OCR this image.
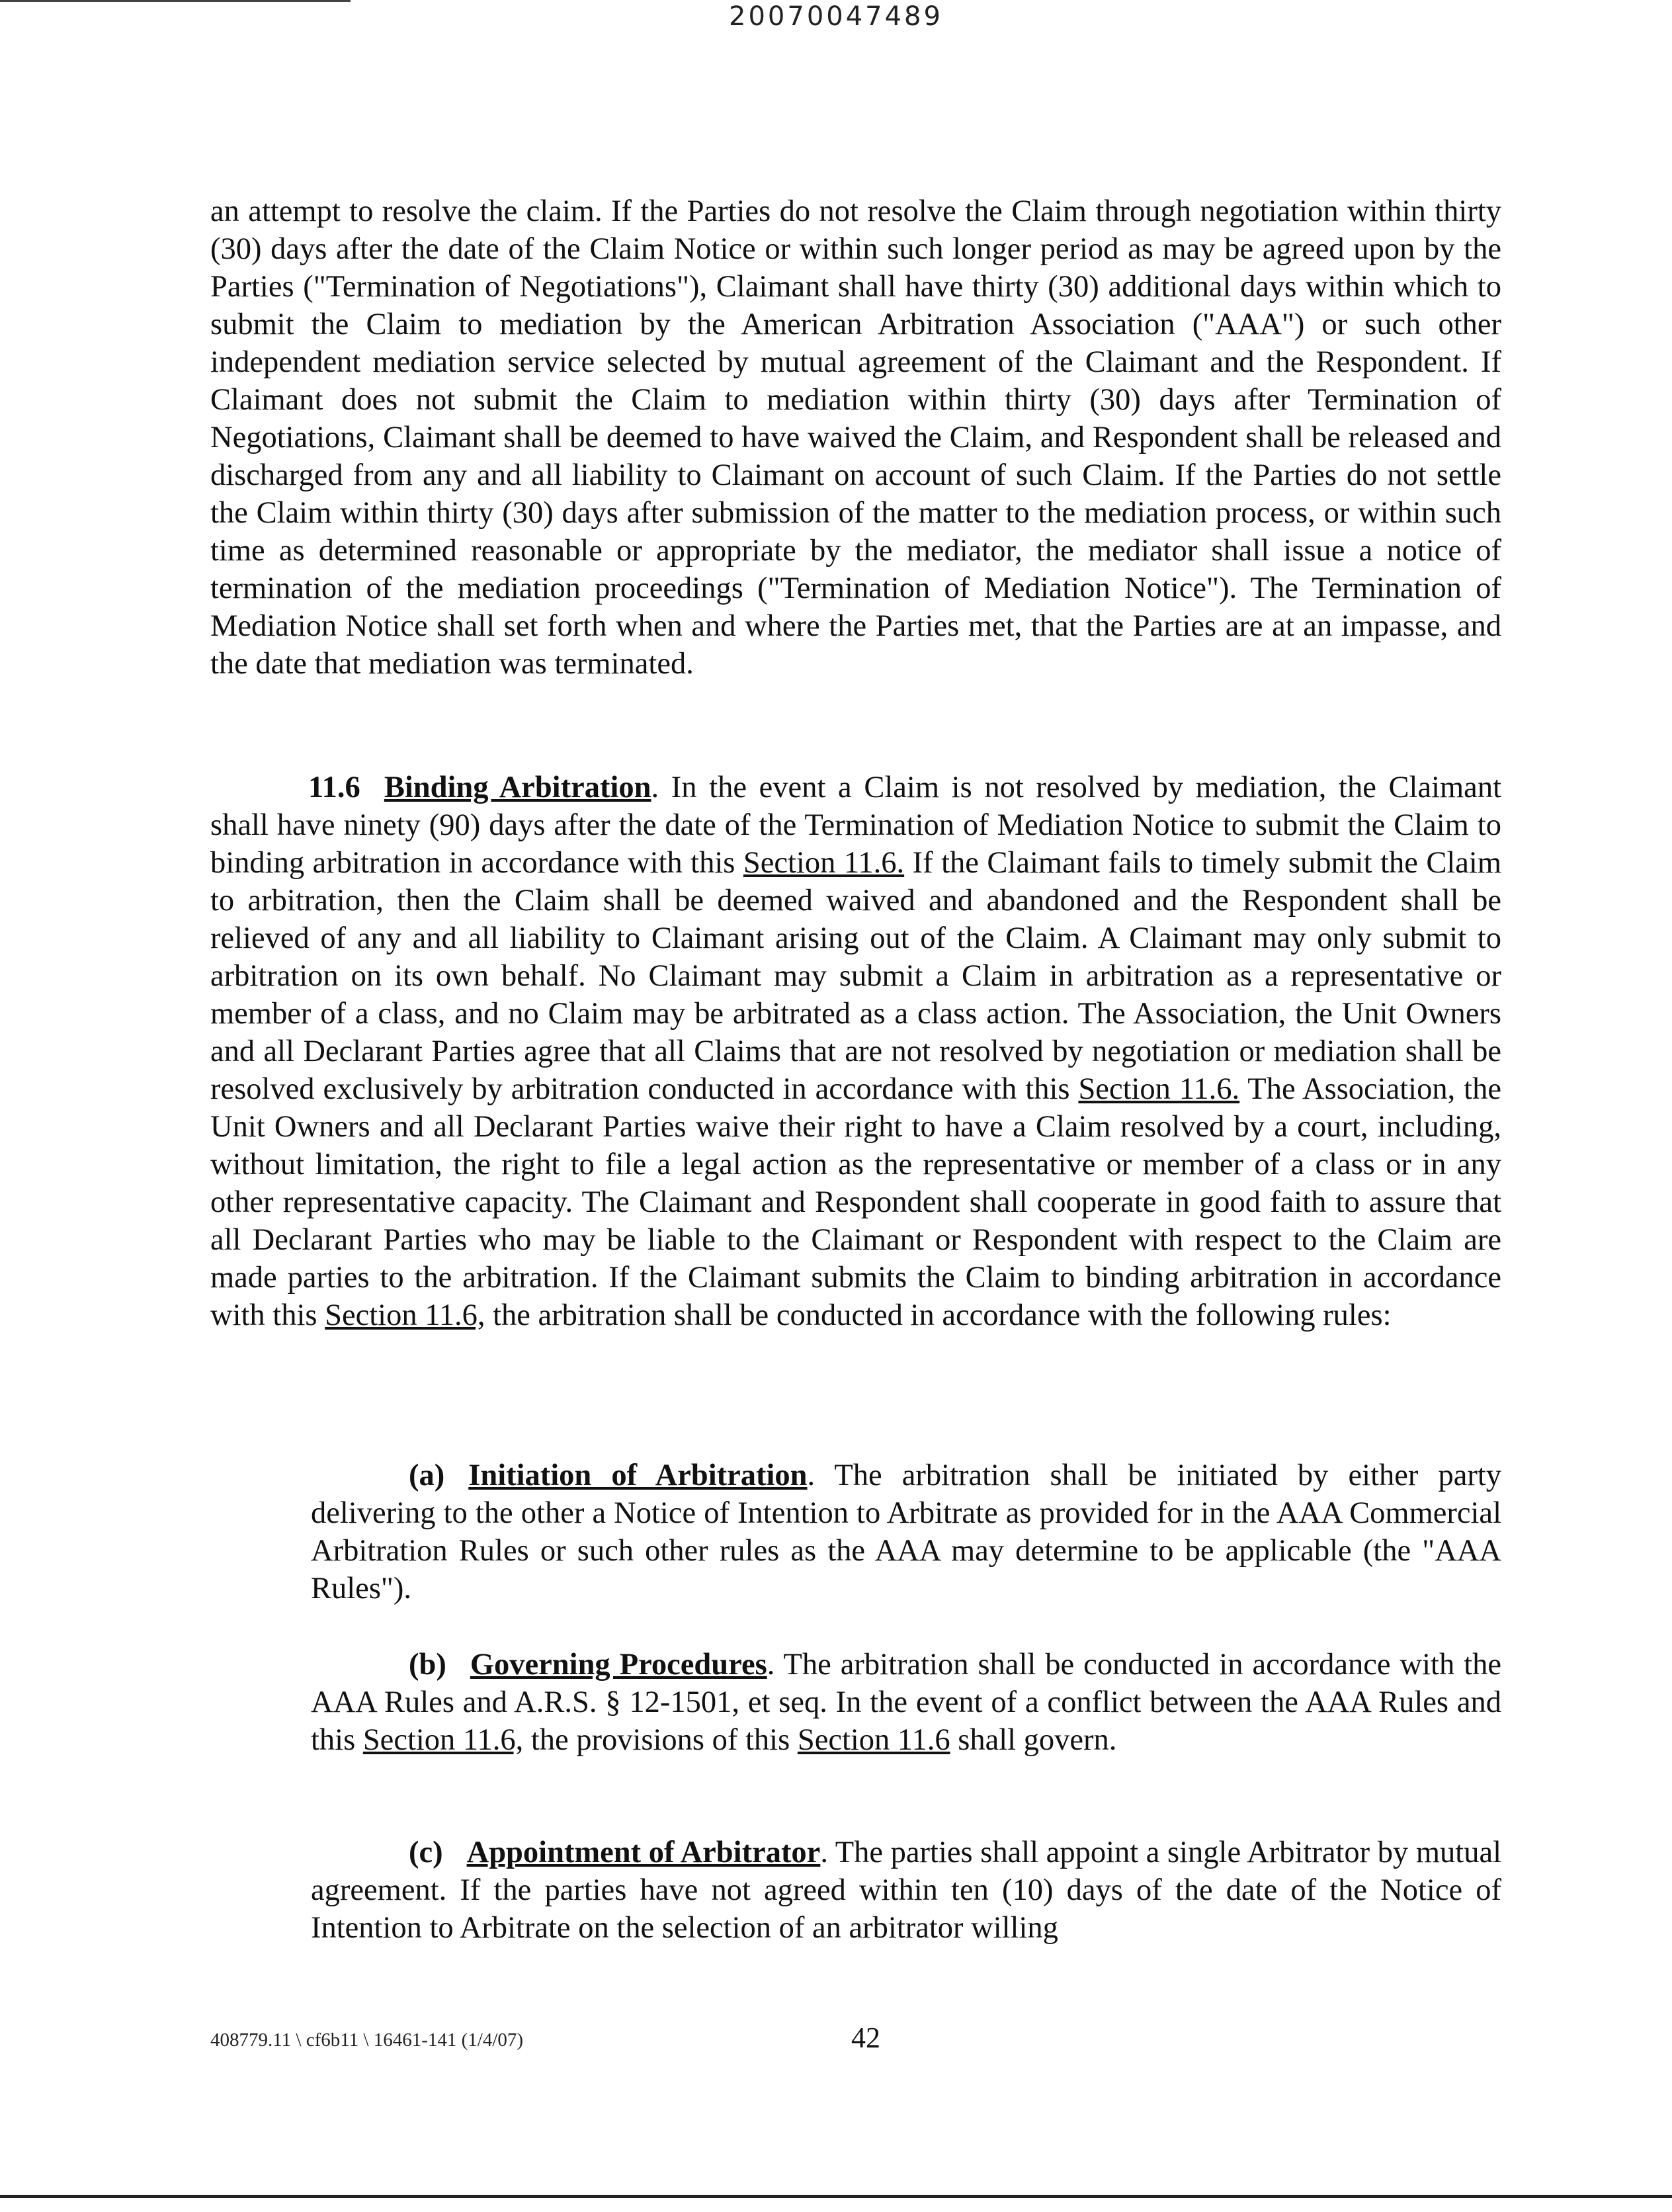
20070047489

an attempt to resolve the claim. If the Parties do not resolve the Claim through negotiation within thirty (30) days after the date of the Claim Notice or within such longer period as may be agreed upon by the Parties ("Termination of Negotiations"), Claimant shall have thirty (30) additional days within which to submit the Claim to mediation by the American Arbitration Association ("AAA") or such other independent mediation service selected by mutual agreement of the Claimant and the Respondent. If Claimant does not submit the Claim to mediation within thirty (30) days after Termination of Negotiations, Claimant shall be deemed to have waived the Claim, and Respondent shall be released and discharged from any and all liability to Claimant on account of such Claim. If the Parties do not settle the Claim within thirty (30) days after submission of the matter to the mediation process, or within such time as determined reasonable or appropriate by the mediator, the mediator shall issue a notice of termination of the mediation proceedings ("Termination of Mediation Notice"). The Termination of Mediation Notice shall set forth when and where the Parties met, that the Parties are at an impasse, and the date that mediation was terminated.

11.6 Binding Arbitration. In the event a Claim is not resolved by mediation, the Claimant shall have ninety (90) days after the date of the Termination of Mediation Notice to submit the Claim to binding arbitration in accordance with this Section 11.6. If the Claimant fails to timely submit the Claim to arbitration, then the Claim shall be deemed waived and abandoned and the Respondent shall be relieved of any and all liability to Claimant arising out of the Claim. A Claimant may only submit to arbitration on its own behalf. No Claimant may submit a Claim in arbitration as a representative or member of a class, and no Claim may be arbitrated as a class action. The Association, the Unit Owners and all Declarant Parties agree that all Claims that are not resolved by negotiation or mediation shall be resolved exclusively by arbitration conducted in accordance with this Section 11.6. The Association, the Unit Owners and all Declarant Parties waive their right to have a Claim resolved by a court, including, without limitation, the right to file a legal action as the representative or member of a class or in any other representative capacity. The Claimant and Respondent shall cooperate in good faith to assure that all Declarant Parties who may be liable to the Claimant or Respondent with respect to the Claim are made parties to the arbitration. If the Claimant submits the Claim to binding arbitration in accordance with this Section 11.6, the arbitration shall be conducted in accordance with the following rules:

(a) Initiation of Arbitration. The arbitration shall be initiated by either party delivering to the other a Notice of Intention to Arbitrate as provided for in the AAA Commercial Arbitration Rules or such other rules as the AAA may determine to be applicable (the "AAA Rules").

(b) Governing Procedures. The arbitration shall be conducted in accordance with the AAA Rules and A.R.S. § 12-1501, et seq. In the event of a conflict between the AAA Rules and this Section 11.6, the provisions of this Section 11.6 shall govern.

(c) Appointment of Arbitrator. The parties shall appoint a single Arbitrator by mutual agreement. If the parties have not agreed within ten (10) days of the date of the Notice of Intention to Arbitrate on the selection of an arbitrator willing

408779.11 \ cf6b11 \ 16461-141 (1/4/07)	42
